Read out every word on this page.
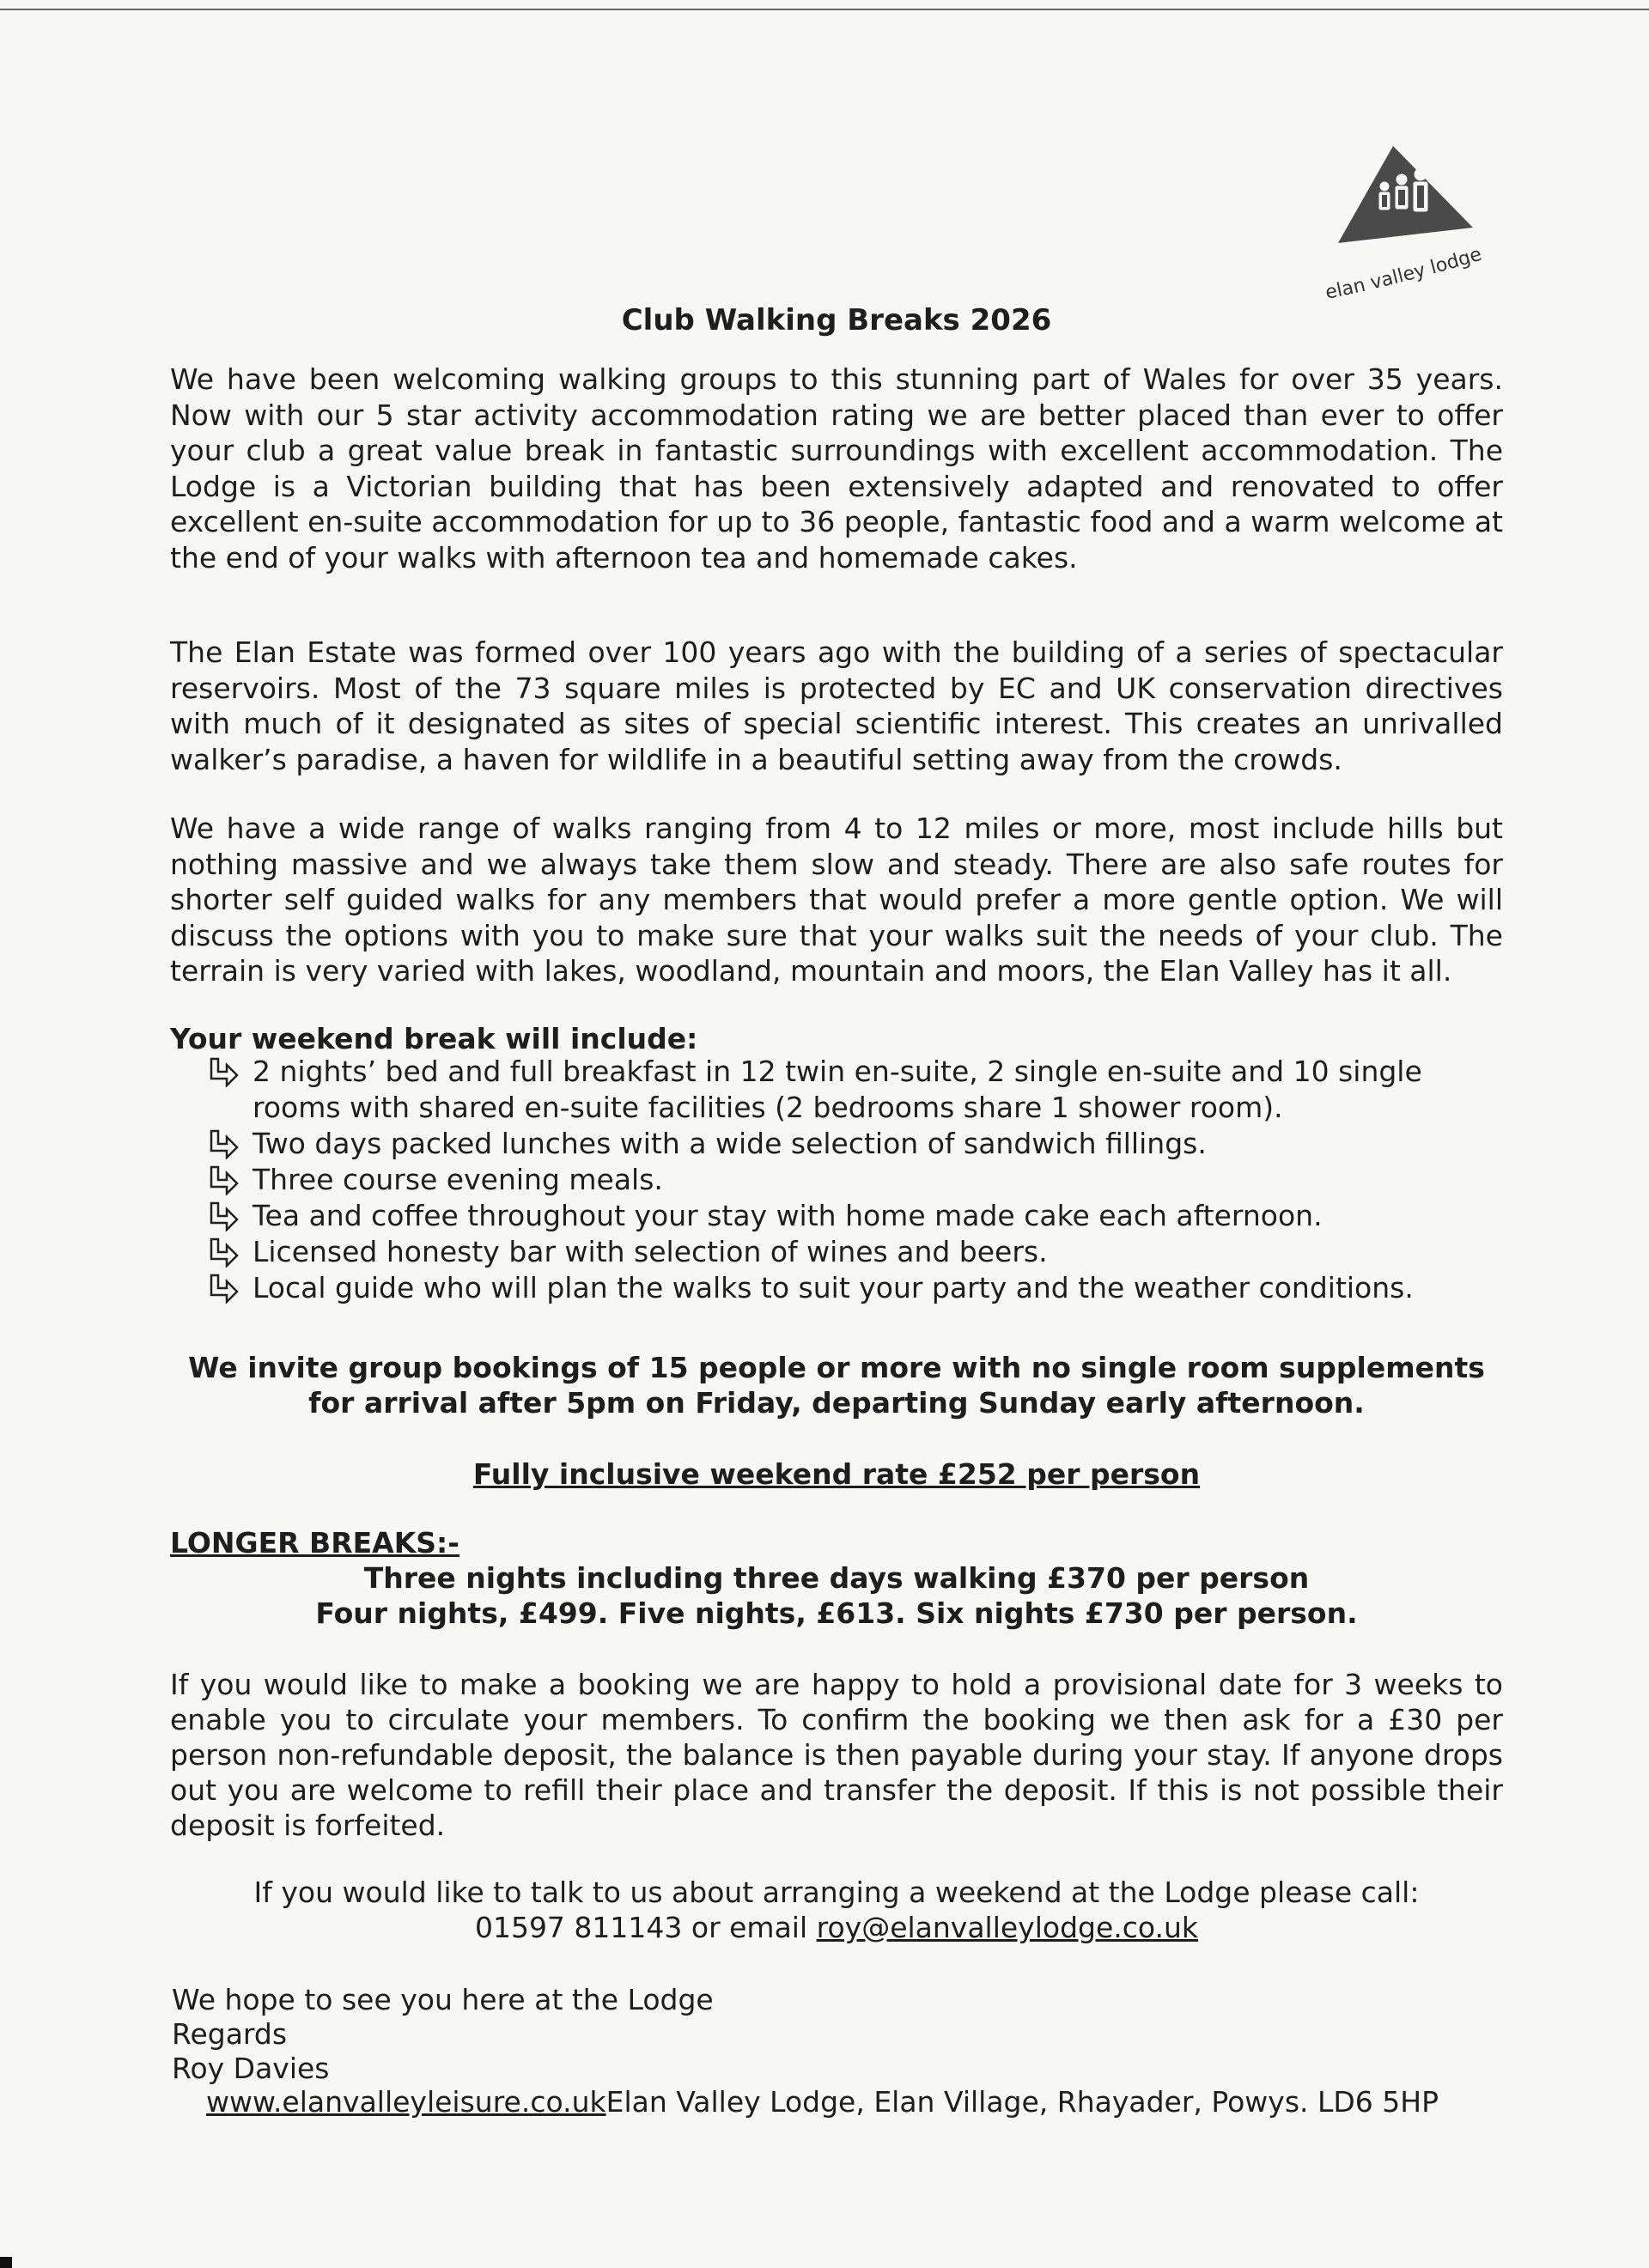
elan valley lodge
Club Walking Breaks 2026

We have been welcoming walking groups to this stunning part of Wales for over 35 years. Now with our 5 star activity accommodation rating we are better placed than ever to offer your club a great value break in fantastic surroundings with excellent accommodation. The Lodge is a Victorian building that has been extensively adapted and renovated to offer excellent en-suite accommodation for up to 36 people, fantastic food and a warm welcome at the end of your walks with afternoon tea and homemade cakes.

The Elan Estate was formed over 100 years ago with the building of a series of spectacular reservoirs. Most of the 73 square miles is protected by EC and UK conservation directives with much of it designated as sites of special scientific interest. This creates an unrivalled walker’s paradise, a haven for wildlife in a beautiful setting away from the crowds.

We have a wide range of walks ranging from 4 to 12 miles or more, most include hills but nothing massive and we always take them slow and steady. There are also safe routes for shorter self guided walks for any members that would prefer a more gentle option. We will discuss the options with you to make sure that your walks suit the needs of your club. The terrain is very varied with lakes, woodland, mountain and moors, the Elan Valley has it all.

Your weekend break will include:
2 nights’ bed and full breakfast in 12 twin en-suite, 2 single en-suite and 10 single rooms with shared en-suite facilities (2 bedrooms share 1 shower room).
Two days packed lunches with a wide selection of sandwich fillings.
Three course evening meals.
Tea and coffee throughout your stay with home made cake each afternoon.
Licensed honesty bar with selection of wines and beers.
Local guide who will plan the walks to suit your party and the weather conditions.
We invite group bookings of 15 people or more with no single room supplements
for arrival after 5pm on Friday, departing Sunday early afternoon.
Fully inclusive weekend rate £252 per person
LONGER BREAKS:-
Three nights including three days walking £370 per person
Four nights, £499. Five nights, £613. Six nights £730 per person.

If you would like to make a booking we are happy to hold a provisional date for 3 weeks to enable you to circulate your members. To confirm the booking we then ask for a £30 per person non-refundable deposit, the balance is then payable during your stay. If anyone drops out you are welcome to refill their place and transfer the deposit. If this is not possible their deposit is forfeited.

If you would like to talk to us about arranging a weekend at the Lodge please call:
01597 811143 or email roy@elanvalleylodge.co.uk
We hope to see you here at the Lodge
Regards
Roy Davies
www.elanvalleyleisure.co.ukElan Valley Lodge, Elan Village, Rhayader, Powys. LD6 5HP
